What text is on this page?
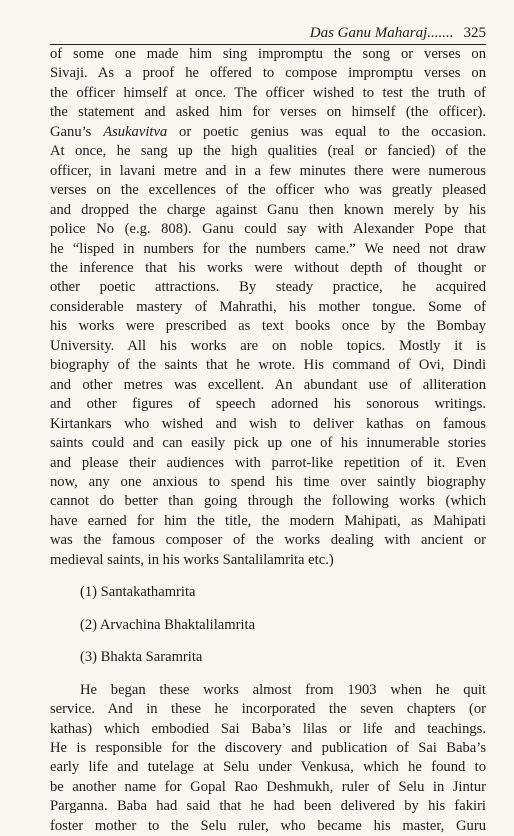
Das Ganu Maharaj....... 325
of some one made him sing impromptu the song or verses on
Sivaji. As a proof he offered to compose impromptu verses on
the officer himself at once. The officer wished to test the truth of
the statement and asked him for verses on himself (the officer).
Ganu’s Asukavitva or poetic genius was equal to the occasion.
At once, he sang up the high qualities (real or fancied) of the
officer, in lavani metre and in a few minutes there were numerous
verses on the excellences of the officer who was greatly pleased
and dropped the charge against Ganu then known merely by his
police No (e.g. 808). Ganu could say with Alexander Pope that
he “lisped in numbers for the numbers came.” We need not draw
the inference that his works were without depth of thought or
other poetic attractions. By steady practice, he acquired
considerable mastery of Mahrathi, his mother tongue. Some of
his works were prescribed as text books once by the Bombay
University. All his works are on noble topics. Mostly it is
biography of the saints that he wrote. His command of Ovi, Dindi
and other metres was excellent. An abundant use of alliteration
and other figures of speech adorned his sonorous writings.
Kirtankars who wished and wish to deliver kathas on famous
saints could and can easily pick up one of his innumerable stories
and please their audiences with parrot-like repetition of it. Even
now, any one anxious to spend his time over saintly biography
cannot do better than going through the following works (which
have earned for him the title, the modern Mahipati, as Mahipati
was the famous composer of the works dealing with ancient or
medieval saints, in his works Santalilamrita etc.)
(1) Santakathamrita
(2) Arvachina Bhaktalilamrita
(3) Bhakta Saramrita
He began these works almost from 1903 when he quit
service. And in these he incorporated the seven chapters (or
kathas) which embodied Sai Baba’s lilas or life and teachings.
He is responsible for the discovery and publication of Sai Baba’s
early life and tutelage at Selu under Venkusa, which he found to
be another name for Gopal Rao Deshmukh, ruler of Selu in Jintur
Parganna. Baba had said that he had been delivered by his fakiri
foster mother to the Selu ruler, who became his master, Guru
